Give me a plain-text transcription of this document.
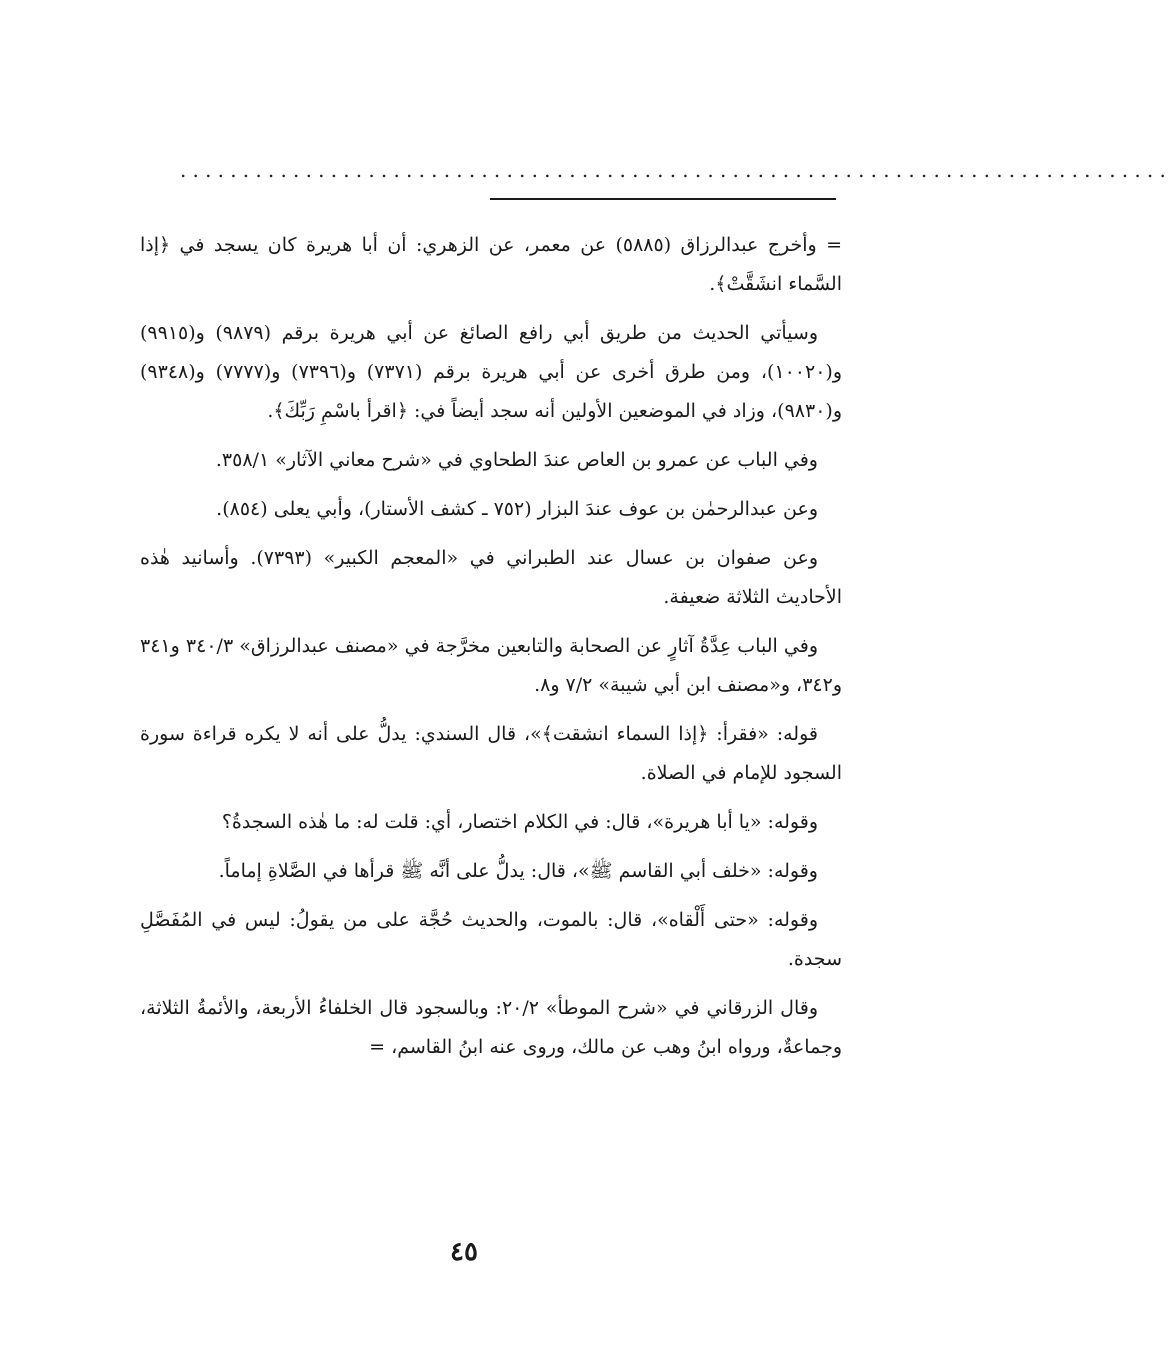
...............................................................................

= وأخرج عبدالرزاق (٥٨٨٥) عن معمر، عن الزهري: أن أبا هريرة كان يسجد في ﴿إذا السَّماء انشَقَّتْ﴾.

وسيأتي الحديث من طريق أبي رافع الصائغ عن أبي هريرة برقم (٩٨٧٩) و(٩٩١٥) و(١٠٠٢٠)، ومن طرق أخرى عن أبي هريرة برقم (٧٣٧١) و(٧٣٩٦) و(٧٧٧٧) و(٩٣٤٨) و(٩٨٣٠)، وزاد في الموضعين الأولين أنه سجد أيضاً في: ﴿اقرأ باسْمِ رَبِّكَ﴾.

وفي الباب عن عمرو بن العاص عندَ الطحاوي في «شرح معاني الآثار» ٣٥٨/١.

وعن عبدالرحمٰن بن عوف عندَ البزار (٧٥٢ ـ كشف الأستار)، وأبي يعلى (٨٥٤).

وعن صفوان بن عسال عند الطبراني في «المعجم الكبير» (٧٣٩٣). وأسانيد هٰذه الأحاديث الثلاثة ضعيفة.

وفي الباب عِدَّةُ آثارٍ عن الصحابة والتابعين مخرَّجة في «مصنف عبدالرزاق» ٣٤٠/٣ و٣٤١ و٣٤٢، و«مصنف ابن أبي شيبة» ٧/٢ و٨.

قوله: «فقرأ: ﴿إذا السماء انشقت﴾»، قال السندي: يدلُّ على أنه لا يكره قراءة سورة السجود للإمام في الصلاة.

وقوله: «يا أبا هريرة»، قال: في الكلام اختصار، أي: قلت له: ما هٰذه السجدةُ؟

وقوله: «خلف أبي القاسم ﷺ»، قال: يدلُّ على أنَّه ﷺ قرأها في الصَّلاةِ إماماً.

وقوله: «حتى أَلْقاه»، قال: بالموت، والحديث حُجَّة على من يقولُ: ليس في المُفَصَّلِ سجدة.

وقال الزرقاني في «شرح الموطأ» ٢٠/٢: وبالسجود قال الخلفاءُ الأربعة، والأئمةُ الثلاثة، وجماعةٌ، ورواه ابنُ وهب عن مالك، وروى عنه ابنُ القاسم، =

٤٥
